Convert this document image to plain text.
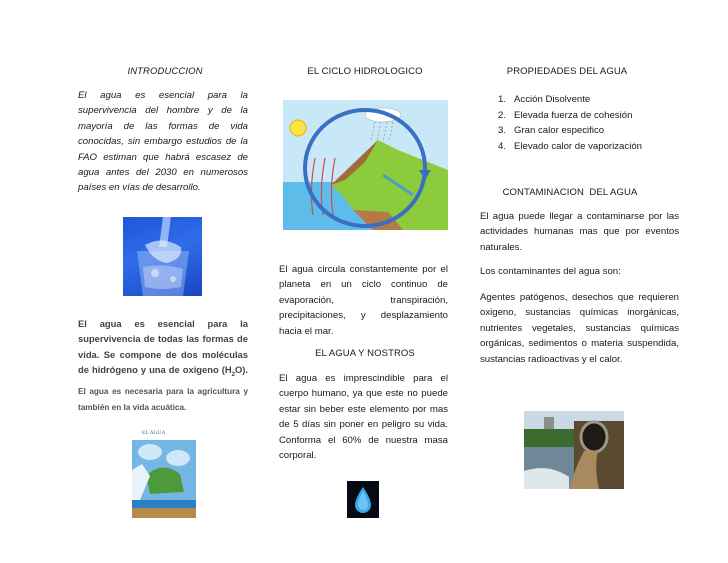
INTRODUCCION
El agua es esencial para la supervivencia del hombre y de la mayoría de las formas de vida conocidas, sin embargo estudios de la FAO estiman que habrá escasez de agua antes del 2030 en numerosos países en vías de desarrollo.
El agua es esencial para la supervivencia de todas las formas de vida. Se compone de dos moléculas de hidrógeno y una de oxigeno $(H_2O)$. El agua es necesaria para la agricultura y también en la vida acuática.
EL AGUA
EL CICLO HIDROLOGICO
El agua circula constantemente por el planeta en un ciclo continuo de evaporación, transpiración, precipitaciones, y desplazamiento hacia el mar.
EL AGUA Y NOSTROS
El agua es imprescindible para el cuerpo humano, ya que este no puede estar sin beber este elemento por mas de 5 días sin poner en peligro su vida. Conforma el 60% de nuestra masa corporal.
PROPIEDADES DEL AGUA
1. Acción Disolvente
2. Elevada fuerza de cohesión
3. Gran calor especifico
4. Elevado calor de vaporización
CONTAMINACION  DEL AGUA
El agua puede llegar a contaminarse por las actividades humanas mas que por eventos naturales.
Los contaminantes del agua son:
Agentes patógenos, desechos que requieren oxigeno, sustancias químicas inorgánicas, nutrientes vegetales, sustancias químicas orgánicas, sedimentos o materia suspendida, sustancias radioactivas y el calor.
